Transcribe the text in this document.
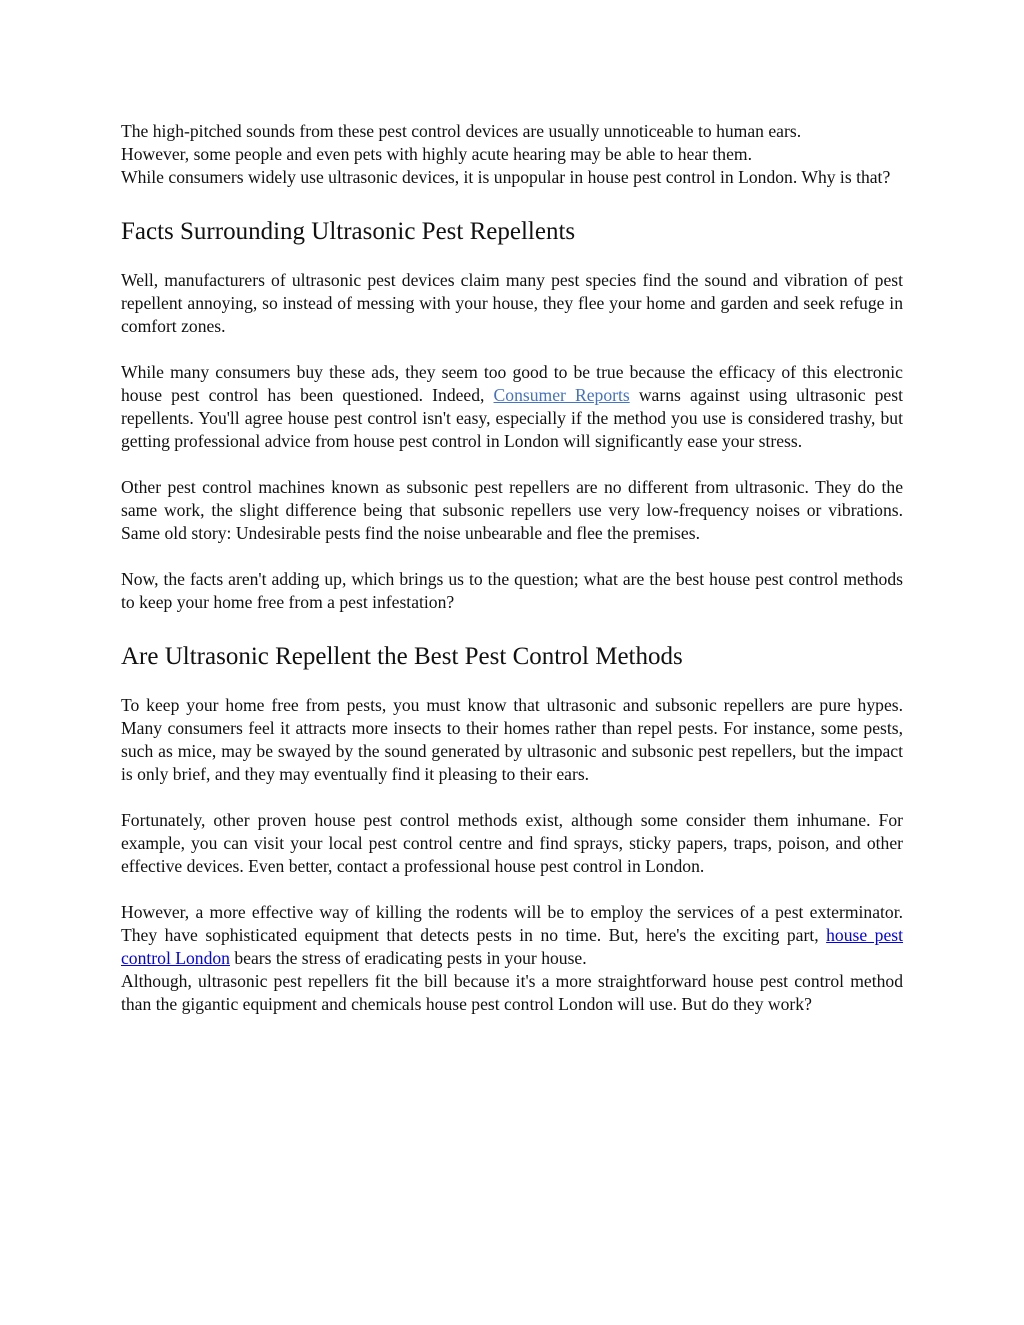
The high-pitched sounds from these pest control devices are usually unnoticeable to human ears.
However, some people and even pets with highly acute hearing may be able to hear them.
While consumers widely use ultrasonic devices, it is unpopular in house pest control in London. Why is that?

Facts Surrounding Ultrasonic Pest Repellents

Well, manufacturers of ultrasonic pest devices claim many pest species find the sound and vibration of pest repellent annoying, so instead of messing with your house, they flee your home and garden and seek refuge in comfort zones.

While many consumers buy these ads, they seem too good to be true because the efficacy of this electronic house pest control has been questioned. Indeed, Consumer Reports warns against using ultrasonic pest repellents. You'll agree house pest control isn't easy, especially if the method you use is considered trashy, but getting professional advice from house pest control in London will significantly ease your stress.

Other pest control machines known as subsonic pest repellers are no different from ultrasonic. They do the same work, the slight difference being that subsonic repellers use very low-frequency noises or vibrations. Same old story: Undesirable pests find the noise unbearable and flee the premises.

Now, the facts aren't adding up, which brings us to the question; what are the best house pest control methods to keep your home free from a pest infestation?

Are Ultrasonic Repellent the Best Pest Control Methods

To keep your home free from pests, you must know that ultrasonic and subsonic repellers are pure hypes. Many consumers feel it attracts more insects to their homes rather than repel pests. For instance, some pests, such as mice, may be swayed by the sound generated by ultrasonic and subsonic pest repellers, but the impact is only brief, and they may eventually find it pleasing to their ears.

Fortunately, other proven house pest control methods exist, although some consider them inhumane. For example, you can visit your local pest control centre and find sprays, sticky papers, traps, poison, and other effective devices. Even better, contact a professional house pest control in London.

However, a more effective way of killing the rodents will be to employ the services of a pest exterminator. They have sophisticated equipment that detects pests in no time. But, here's the exciting part, house pest control London bears the stress of eradicating pests in your house.

Although, ultrasonic pest repellers fit the bill because it's a more straightforward house pest control method than the gigantic equipment and chemicals house pest control London will use. But do they work?
